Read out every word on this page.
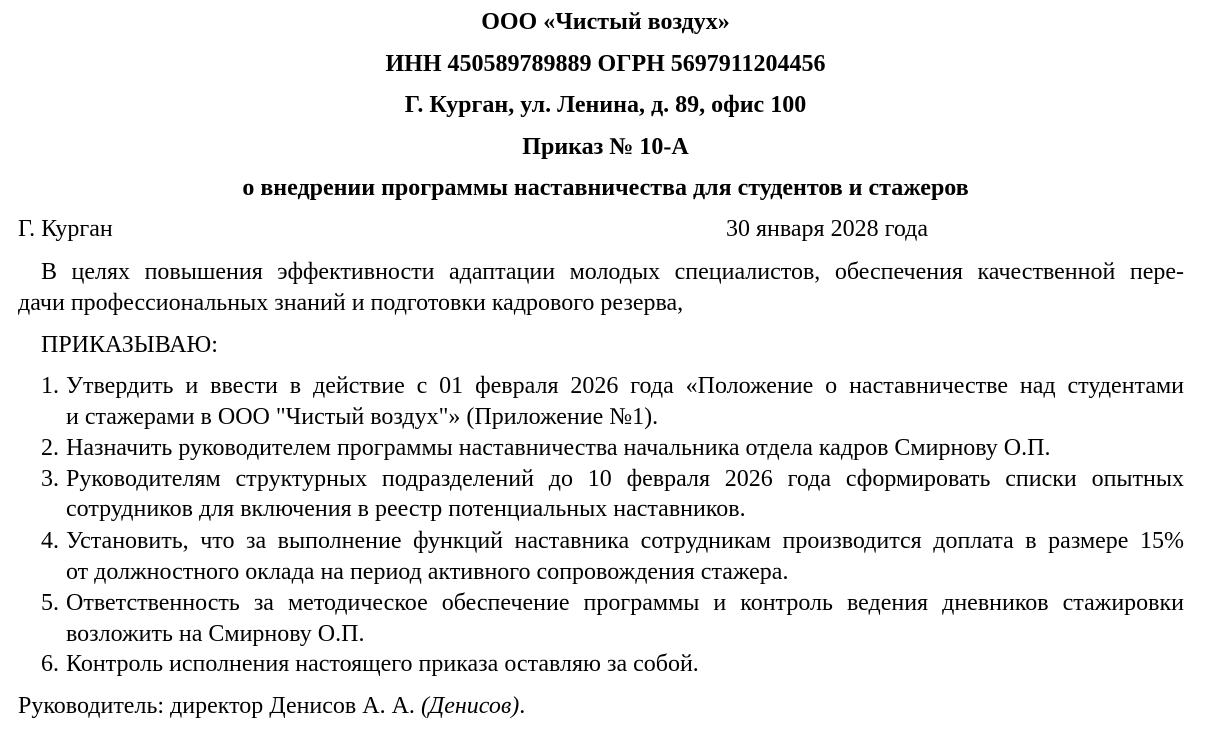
ООО «Чистый воздух»
ИНН 450589789889 ОГРН 5697911204456
Г. Курган, ул. Ленина, д. 89, офис 100
Приказ № 10-А
о внедрении программы наставничества для студентов и стажеров
Г. Курган	30 января 2028 года
В целях повышения эффективности адаптации молодых специалистов, обеспечения качественной пере-
дачи профессиональных знаний и подготовки кадрового резерва,
ПРИКАЗЫВАЮ:
1. Утвердить и ввести в действие с 01 февраля 2026 года «Положение о наставничестве над студентами
и стажерами в ООО "Чистый воздух"» (Приложение №1).
2. Назначить руководителем программы наставничества начальника отдела кадров Смирнову О.П.
3. Руководителям структурных подразделений до 10 февраля 2026 года сформировать списки опытных
сотрудников для включения в реестр потенциальных наставников.
4. Установить, что за выполнение функций наставника сотрудникам производится доплата в размере 15%
от должностного оклада на период активного сопровождения стажера.
5. Ответственность за методическое обеспечение программы и контроль ведения дневников стажировки
возложить на Смирнову О.П.
6. Контроль исполнения настоящего приказа оставляю за собой.
Руководитель: директор Денисов А. А. (Денисов).
